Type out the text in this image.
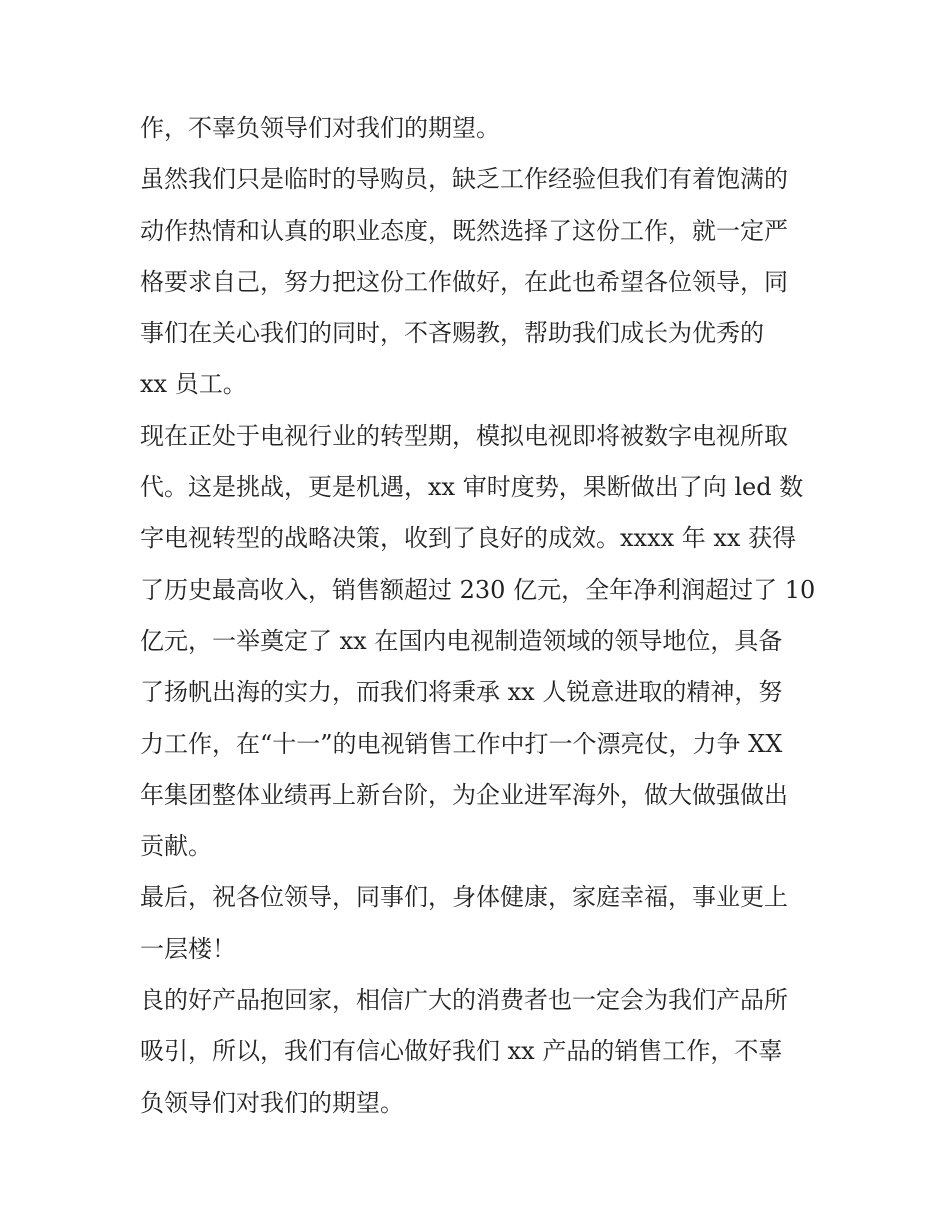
作，不辜负领导们对我们的期望。
虽然我们只是临时的导购员，缺乏工作经验但我们有着饱满的
动作热情和认真的职业态度，既然选择了这份工作，就一定严
格要求自己，努力把这份工作做好，在此也希望各位领导，同
事们在关心我们的同时，不吝赐教，帮助我们成长为优秀的
xx 员工。
现在正处于电视行业的转型期，模拟电视即将被数字电视所取
代。这是挑战，更是机遇，xx 审时度势，果断做出了向 led 数
字电视转型的战略决策，收到了良好的成效。xxxx 年 xx 获得
了历史最高收入，销售额超过 230 亿元，全年净利润超过了 10
亿元，一举奠定了 xx 在国内电视制造领域的领导地位，具备
了扬帆出海的实力，而我们将秉承 xx 人锐意进取的精神，努
力工作，在“十一”的电视销售工作中打一个漂亮仗，力争 XX
年集团整体业绩再上新台阶，为企业进军海外，做大做强做出
贡献。
最后，祝各位领导，同事们，身体健康，家庭幸福，事业更上
一层楼！
良的好产品抱回家，相信广大的消费者也一定会为我们产品所
吸引，所以，我们有信心做好我们 xx 产品的销售工作，不辜
负领导们对我们的期望。
